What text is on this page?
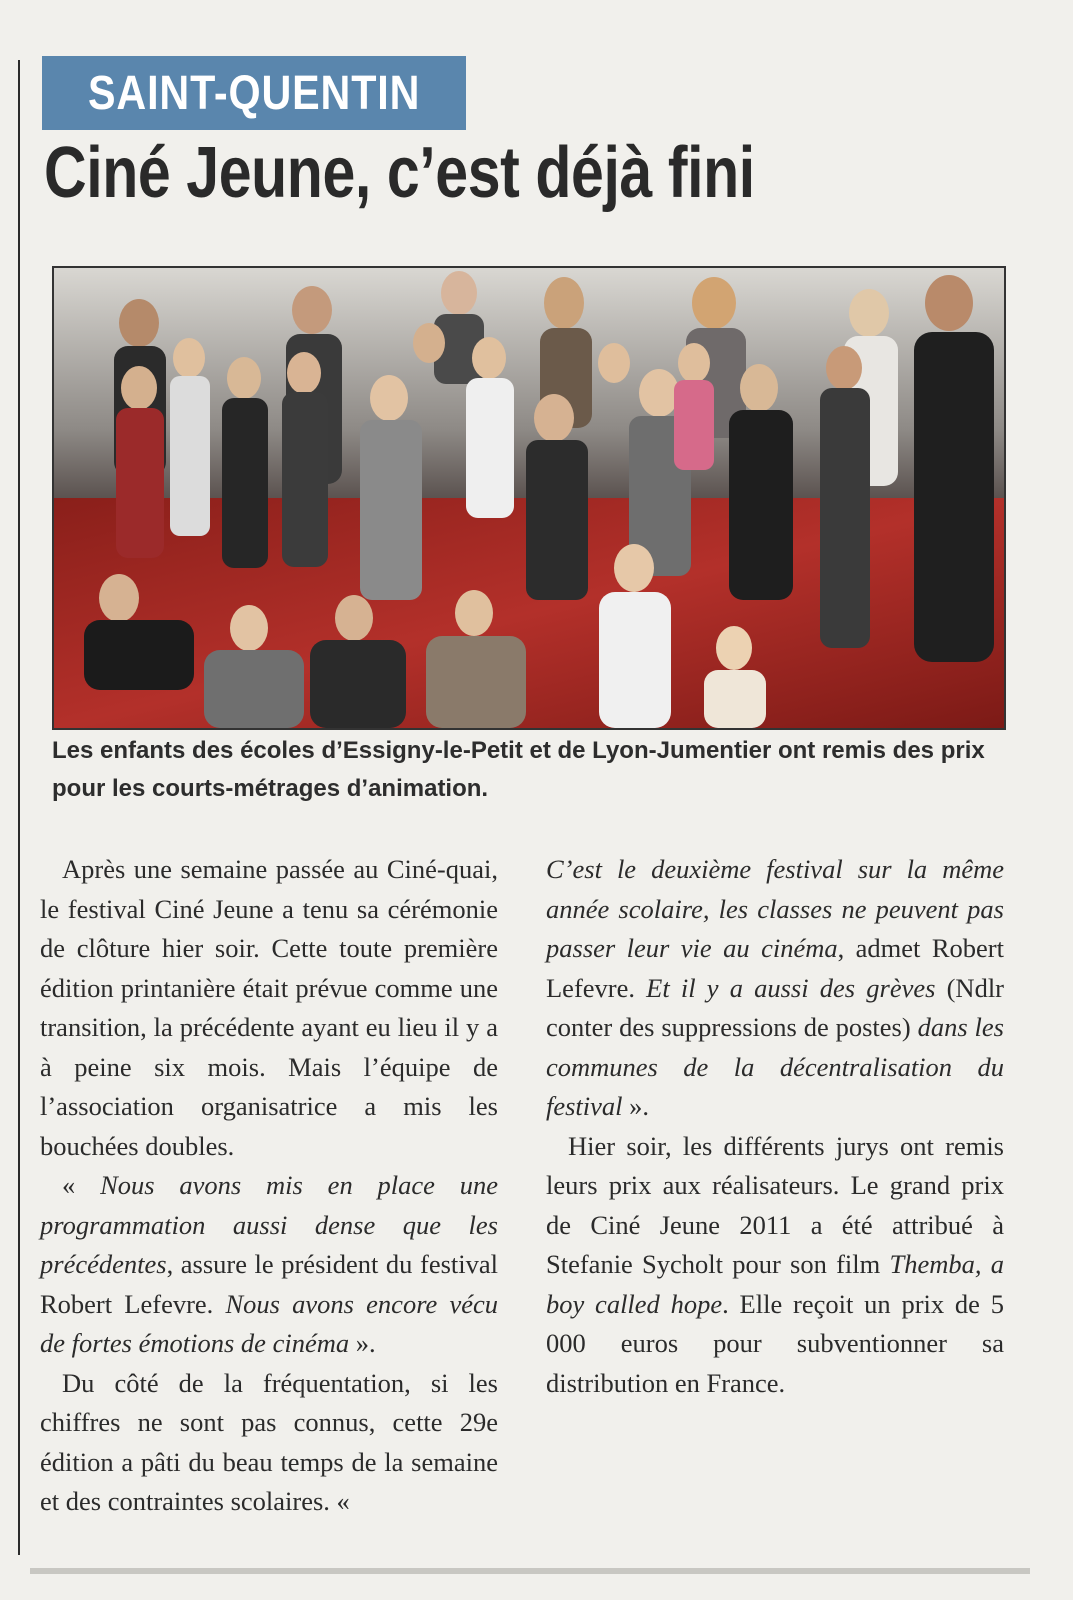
SAINT-QUENTIN
Ciné Jeune, c’est déjà fini

Les enfants des écoles d’Essigny-le-Petit et de Lyon-Jumentier ont remis des prix pour les courts-métrages d’animation.

Après une semaine passée au Ciné-quai, le festival Ciné Jeune a tenu sa cérémonie de clôture hier soir. Cette toute première édition printanière était prévue comme une transition, la précédente ayant eu lieu il y a à peine six mois. Mais l’équipe de l’association organisatrice a mis les bouchées doubles.

« Nous avons mis en place une programmation aussi dense que les précédentes, assure le président du festival Robert Lefevre. Nous avons encore vécu de fortes émotions de cinéma ».

Du côté de la fréquentation, si les chiffres ne sont pas connus, cette 29e édition a pâti du beau temps de la semaine et des contraintes scolaires. «

C’est le deuxième festival sur la même année scolaire, les classes ne peuvent pas passer leur vie au cinéma, admet Robert Lefevre. Et il y a aussi des grèves (Ndlr conter des suppressions de postes) dans les communes de la décentralisation du festival ».

Hier soir, les différents jurys ont remis leurs prix aux réalisateurs. Le grand prix de Ciné Jeune 2011 a été attribué à Stefanie Sycholt pour son film Themba, a boy called hope. Elle reçoit un prix de 5 000 euros pour subventionner sa distribution en France.
